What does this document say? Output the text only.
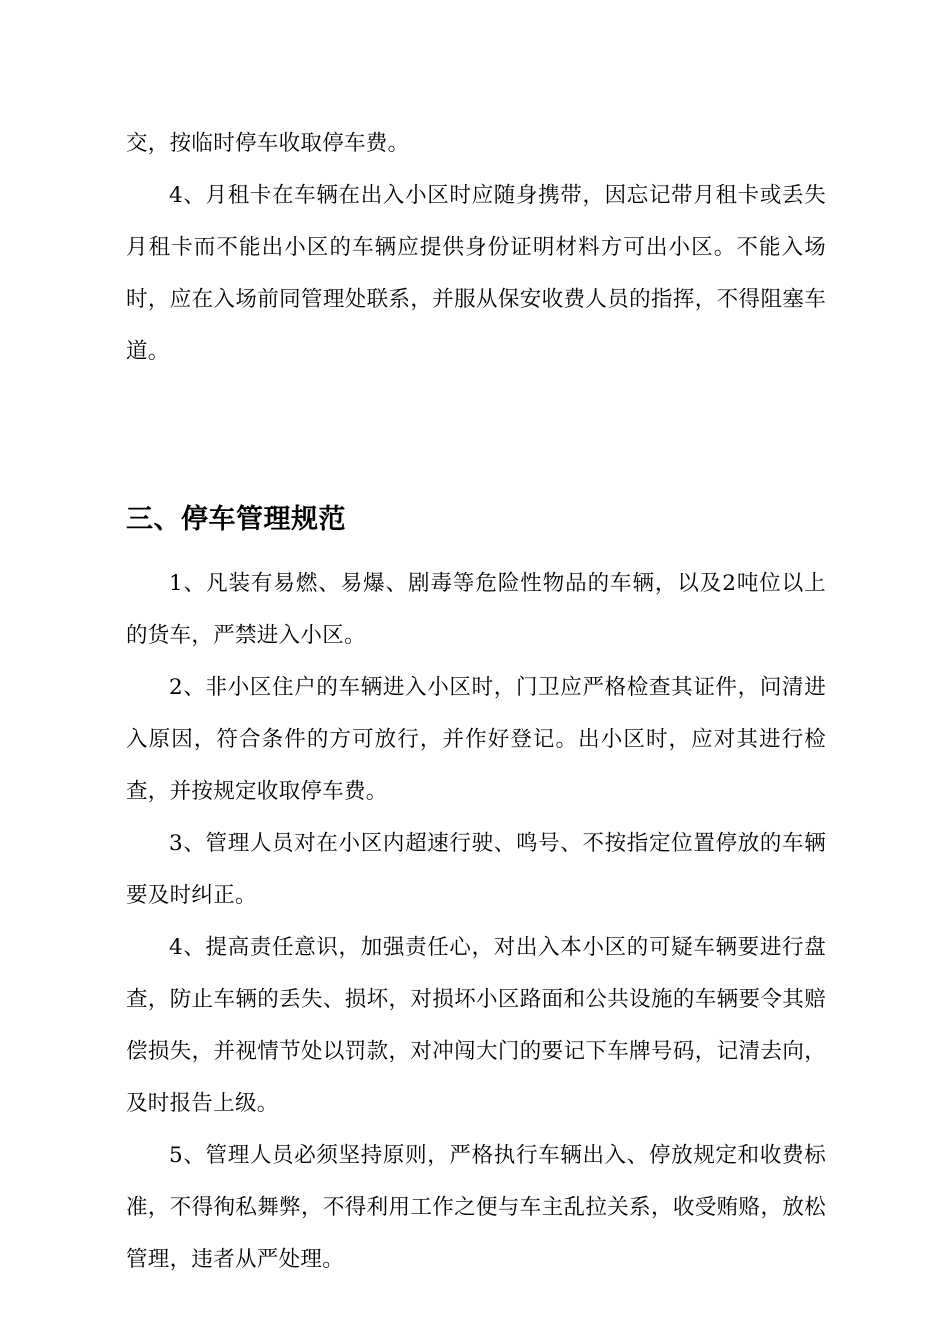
交，按临时停车收取停车费。

4、月租卡在车辆在出入小区时应随身携带，因忘记带月租卡或丢失月租卡而不能出小区的车辆应提供身份证明材料方可出小区。不能入场时，应在入场前同管理处联系，并服从保安收费人员的指挥，不得阻塞车道。

三、停车管理规范

1、凡装有易燃、易爆、剧毒等危险性物品的车辆，以及2吨位以上的货车，严禁进入小区。

2、非小区住户的车辆进入小区时，门卫应严格检查其证件，问清进入原因，符合条件的方可放行，并作好登记。出小区时，应对其进行检查，并按规定收取停车费。

3、管理人员对在小区内超速行驶、鸣号、不按指定位置停放的车辆要及时纠正。

4、提高责任意识，加强责任心，对出入本小区的可疑车辆要进行盘查，防止车辆的丢失、损坏，对损坏小区路面和公共设施的车辆要令其赔偿损失，并视情节处以罚款，对冲闯大门的要记下车牌号码，记清去向，及时报告上级。

5、管理人员必须坚持原则，严格执行车辆出入、停放规定和收费标准，不得徇私舞弊，不得利用工作之便与车主乱拉关系，收受贿赂，放松管理，违者从严处理。
